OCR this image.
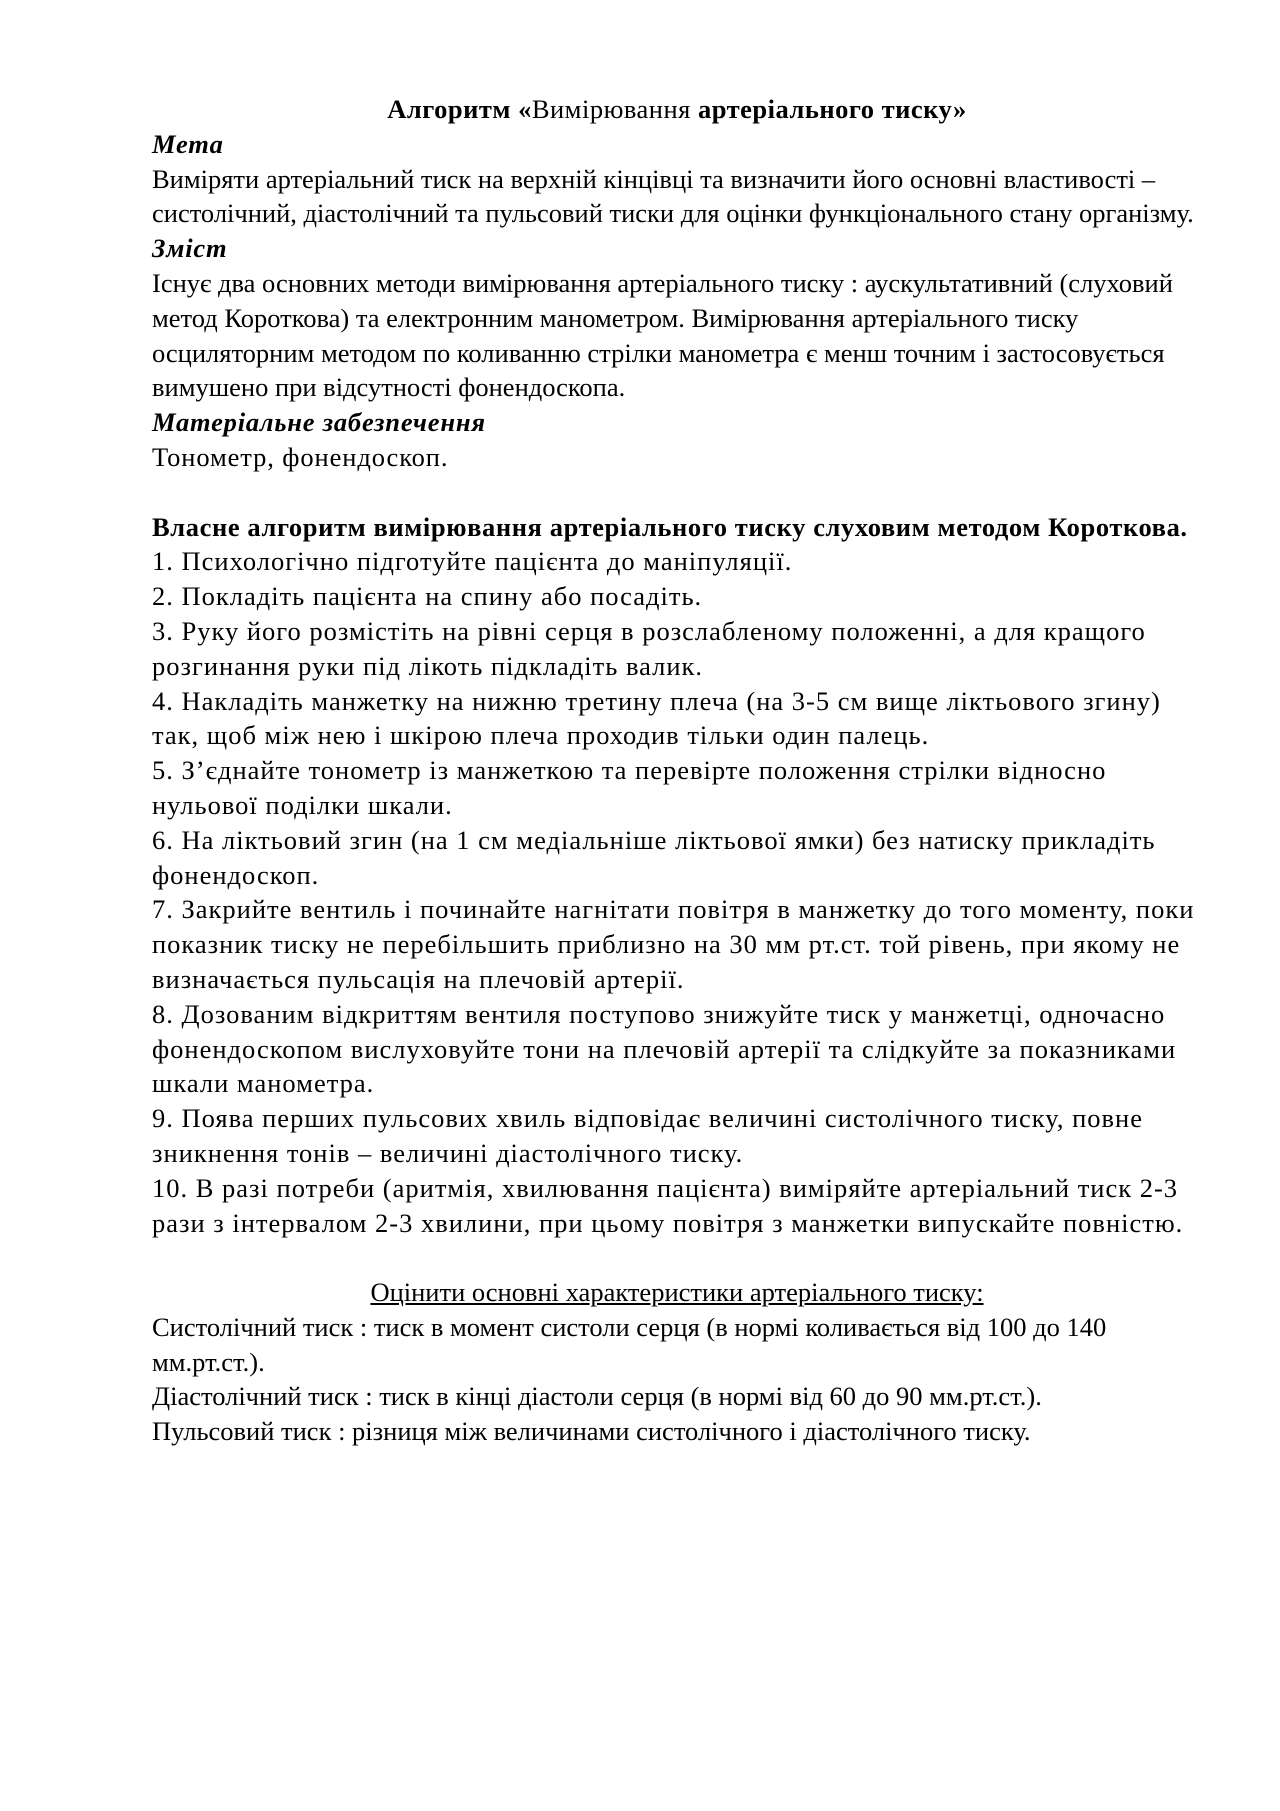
Алгоритм «Вимірювання артеріального тиску»

Мета

Виміряти артеріальний тиск на верхній кінцівці та визначити його основні властивості – систолічний, діастолічний та пульсовий тиски для оцінки функціонального стану організму.

Зміст

Існує два основних методи вимірювання артеріального тиску : аускультативний (слуховий метод Короткова) та електронним манометром. Вимірювання артеріального тиску осциляторним методом по коливанню стрілки манометра є менш точним і застосовується вимушено при відсутності фонендоскопа.

Матеріальне забезпечення

Тонометр, фонендоскоп.

Власне алгоритм вимірювання артеріального тиску слуховим методом Короткова.

1. Психологічно підготуйте пацієнта до маніпуляції.
2. Покладіть пацієнта на спину або посадіть.
3. Руку його розмістіть на рівні серця в розслабленому положенні, а для кращого розгинання руки під лікоть підкладіть валик.
4. Накладіть манжетку на нижню третину плеча (на 3-5 см вище ліктьового згину) так, щоб між нею і шкірою плеча проходив тільки один палець.
5. З’єднайте тонометр із манжеткою та перевірте положення стрілки відносно нульової поділки шкали.
6. На ліктьовий згин (на 1 см медіальніше ліктьової ямки) без натиску прикладіть фонендоскоп.
7. Закрийте вентиль і починайте нагнітати повітря в манжетку до того моменту, поки показник тиску не перебільшить приблизно на 30 мм рт.ст. той рівень, при якому не визначається пульсація на плечовій артерії.
8. Дозованим відкриттям вентиля поступово знижуйте тиск у манжетці, одночасно фонендоскопом вислуховуйте тони на плечовій артерії та слідкуйте за показниками шкали манометра.
9. Поява перших пульсових хвиль відповідає величині систолічного тиску, повне зникнення тонів – величині діастолічного тиску.
10. В разі потреби (аритмія, хвилювання пацієнта) виміряйте артеріальний тиск 2-3 рази з інтервалом 2-3 хвилини, при цьому повітря з манжетки випускайте повністю.

Оцінити основні характеристики артеріального тиску:

Систолічний тиск : тиск в момент систоли серця (в нормі коливається від 100 до 140 мм.рт.ст.).

Діастолічний тиск : тиск в кінці діастоли серця (в нормі від 60 до 90 мм.рт.ст.).

Пульсовий тиск : різниця між величинами систолічного і діастолічного тиску.
